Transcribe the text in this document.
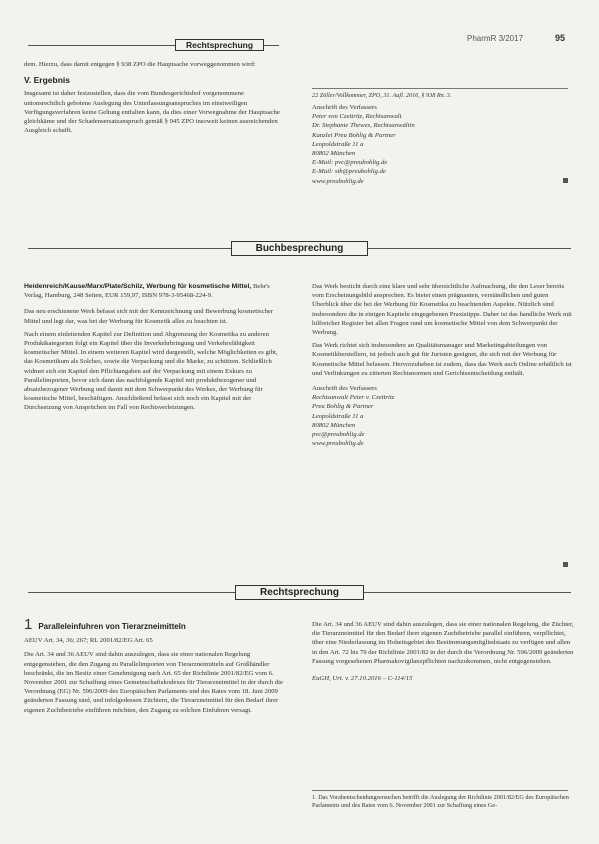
Rechtsprechung
PharmR 3/2017	95

dem. Hierzu, dass damit entgegen § 938 ZPO die Hauptsache vorweggenommen wird:

V. Ergebnis

Insgesamt ist daher festzustellen, dass die vom Bundesgerichtshof vorgenommene unionsrechtlich gebotene Auslegung des Unterlassungsanspruches im einstweiligen Verfügungsverfahren keine Geltung entfalten kann, da dies einer Vorwegnahme der Hauptsache gleichkäme und der Schadensersatzanspruch gemäß § 945 ZPO insoweit keinen ausreichenden Ausgleich schafft.

22 Zöller/Vollkommer, ZPO, 31. Aufl. 2016, § 938 Rn. 3.
Anschrift des Verfassers
Peter von Czettritz, Rechtsanwalt
Dr. Stephanie Thewes, Rechtsanwältin
Kanzlei Preu Bohlig & Partner
Leopoldstraße 11 a
80802 München
E-Mail: pvc@preubohlig.de
E-Mail: sth@preubohlig.de
www.preubohlig.de
Buchbesprechung

Heidenreich/Kause/Marx/Plate/Schilz, Werbung für kosmetische Mittel, Behr's Verlag, Hamburg, 248 Seiten, EUR 159,97, ISBN 978-3-95468-224-9.

Das neu erschienene Werk befasst sich mit der Kennzeichnung und Bewerbung kosmetischer Mittel und legt dar, was bei der Werbung für Kosmetik alles zu beachten ist.

Nach einem einleitenden Kapitel zur Definition und Abgrenzung der Kosmetika zu anderen Produktkategorien folgt ein Kapitel über die Inverkehrbringung und Verkehrsfähigkeit kosmetischer Mittel. In einem weiteren Kapitel wird dargestellt, welche Möglichkeiten es gibt, das Kosmetikum als Solches, sowie die Verpackung und die Marke, zu schützen. Schließlich widmet sich ein Kapitel den Pflichtangaben auf der Verpackung mit einem Exkurs zu Parallelimporten, bevor sich dann das nachfolgende Kapitel mit produktbezogener und absatzbezogener Werbung und damit mit dem Schwerpunkt des Werkes, der Werbung für kosmetische Mittel, beschäftigen. Anschließend befasst sich noch ein Kapitel mit der Durchsetzung von Ansprüchen im Fall von Rechtsverletzungen.

Das Werk besticht durch eine klare und sehr übersichtliche Aufmachung, die den Leser bereits vom Erscheinungsbild ansprechen. Es bietet einen prägnanten, verständlichen und guten Überblick über die bei der Werbung für Kosmetika zu beachtenden Aspekte. Nützlich sind insbesondere die in einigen Kapiteln eingegebenen Praxistipps. Daher ist das handliche Werk mit hilfreicher Register bei allen Fragen rund um kosmetische Mittel von dem Schwerpunkt der Werbung.

Das Werk richtet sich insbesondere an Qualitätsmanager und Marketingabteilungen von Kosmetikherstellern, ist jedoch auch gut für Juristen geeignet, die sich mit der Werbung für Kosmetische Mittel befassen. Hervorzuheben ist zudem, dass das Werk auch Online erhältlich ist und Verlinkungen zu zitierten Rechtsnormen und Gerichtsentscheidung enthält.

Anschrift des Verfassers
Rechtsanwalt Peter v. Czettritz
Preu Bohlig & Partner
Leopoldstraße 11 a
80802 München
pvc@preubohlig.de
www.preubohlig.de
Rechtsprechung
1 Paralleleinfuhren von Tierarzneimitteln

AEUV Art. 34, 36; 267; RL 2001/82/EG Art. 65

Die Art. 34 und 36 AEUV sind dahin auszulegen, dass sie einer nationalen Regelung entgegenstehen, die den Zugang zu Parallelimporten von Tierarzneimitteln auf Großhändler beschränkt, die im Besitz einer Genehmigung nach Art. 65 der Richtlinie 2001/82/EG vom 6. November 2001 zur Schaffung eines Gemeinschaftskodexes für Tierarzneimittel in der durch die Verordnung (EG) Nr. 596/2009 des Europäischen Parlaments und des Rates vom 18. Juni 2009 geänderten Fassung sind, und infolgedessen Züchtern, die Tierarzneimittel für den Bedarf ihrer eigenen Zuchtbetriebe einführen möchten, den Zugang zu solchen Einfuhren versagt.

Die Art. 34 und 36 AEUV sind dahin auszulegen, dass sie einer nationalen Regelung, die Züchter, die Tierarzneimittel für den Bedarf ihrer eigenen Zuchtbetriebe parallel einführen, verpflichtet, über eine Niederlassung im Hoheitsgebiet des Bestimmungsmitgliedstaats zu verfügen und allen in den Art. 72 bis 79 der Richtlinie 2001/82 in der durch die Verordnung Nr. 596/2009 geänderten Fassung vorgesehenen Pharmakovigilanzpflichten nachzukommen, nicht entgegenstehen.

EuGH, Urt. v. 27.10.2016 – C-114/15

1. Das Vorabentscheidungsersuchen betrifft die Auslegung der Richtlinie 2001/82/EG des Europäischen Parlaments und des Rates vom 6. November 2001 zur Schaffung eines Ge-
